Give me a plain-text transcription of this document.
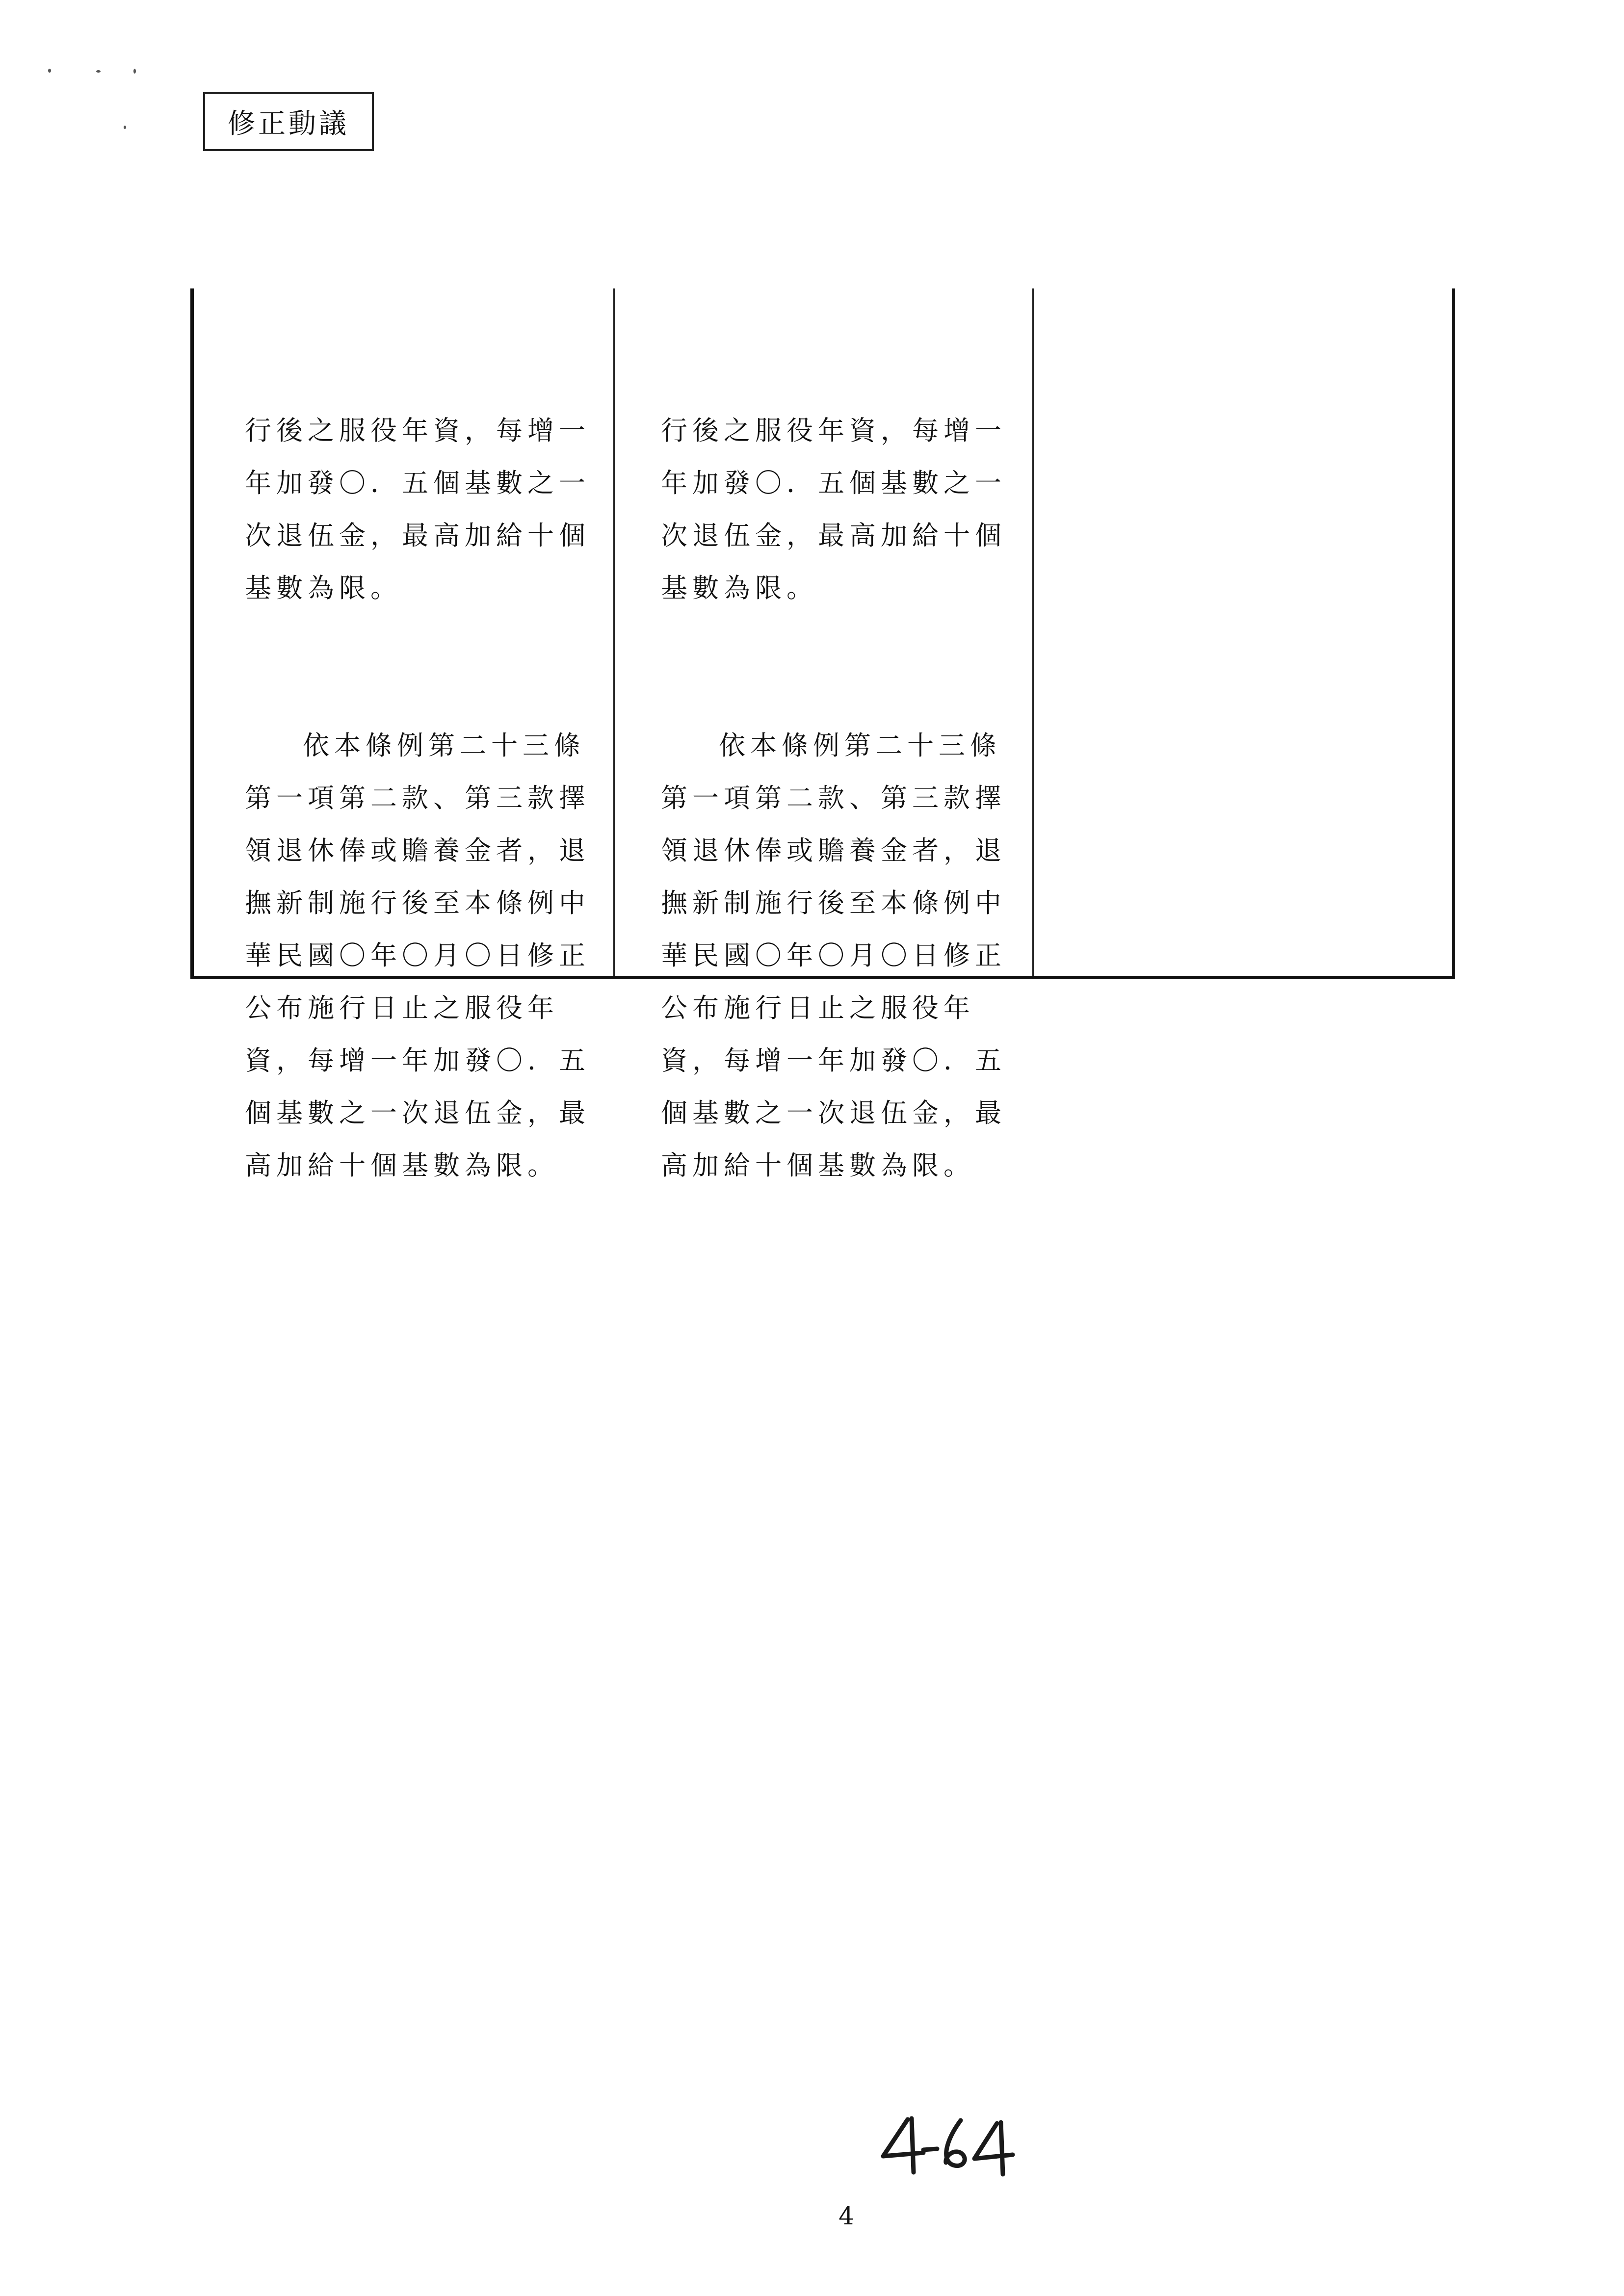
修正動議

行後之服役年資，每增一年加發〇．五個基數之一次退伍金，最高加給十個基數為限。

依本條例第二十三條第一項第二款、第三款擇領退休俸或贍養金者，退撫新制施行後至本條例中華民國〇年〇月〇日修正公布施行日止之服役年資，每增一年加發〇．五個基數之一次退伍金，最高加給十個基數為限。

行後之服役年資，每增一年加發〇．五個基數之一次退伍金，最高加給十個基數為限。

依本條例第二十三條第一項第二款、第三款擇領退休俸或贍養金者，退撫新制施行後至本條例中華民國〇年〇月〇日修正公布施行日止之服役年資，每增一年加發〇．五個基數之一次退伍金，最高加給十個基數為限。

4
